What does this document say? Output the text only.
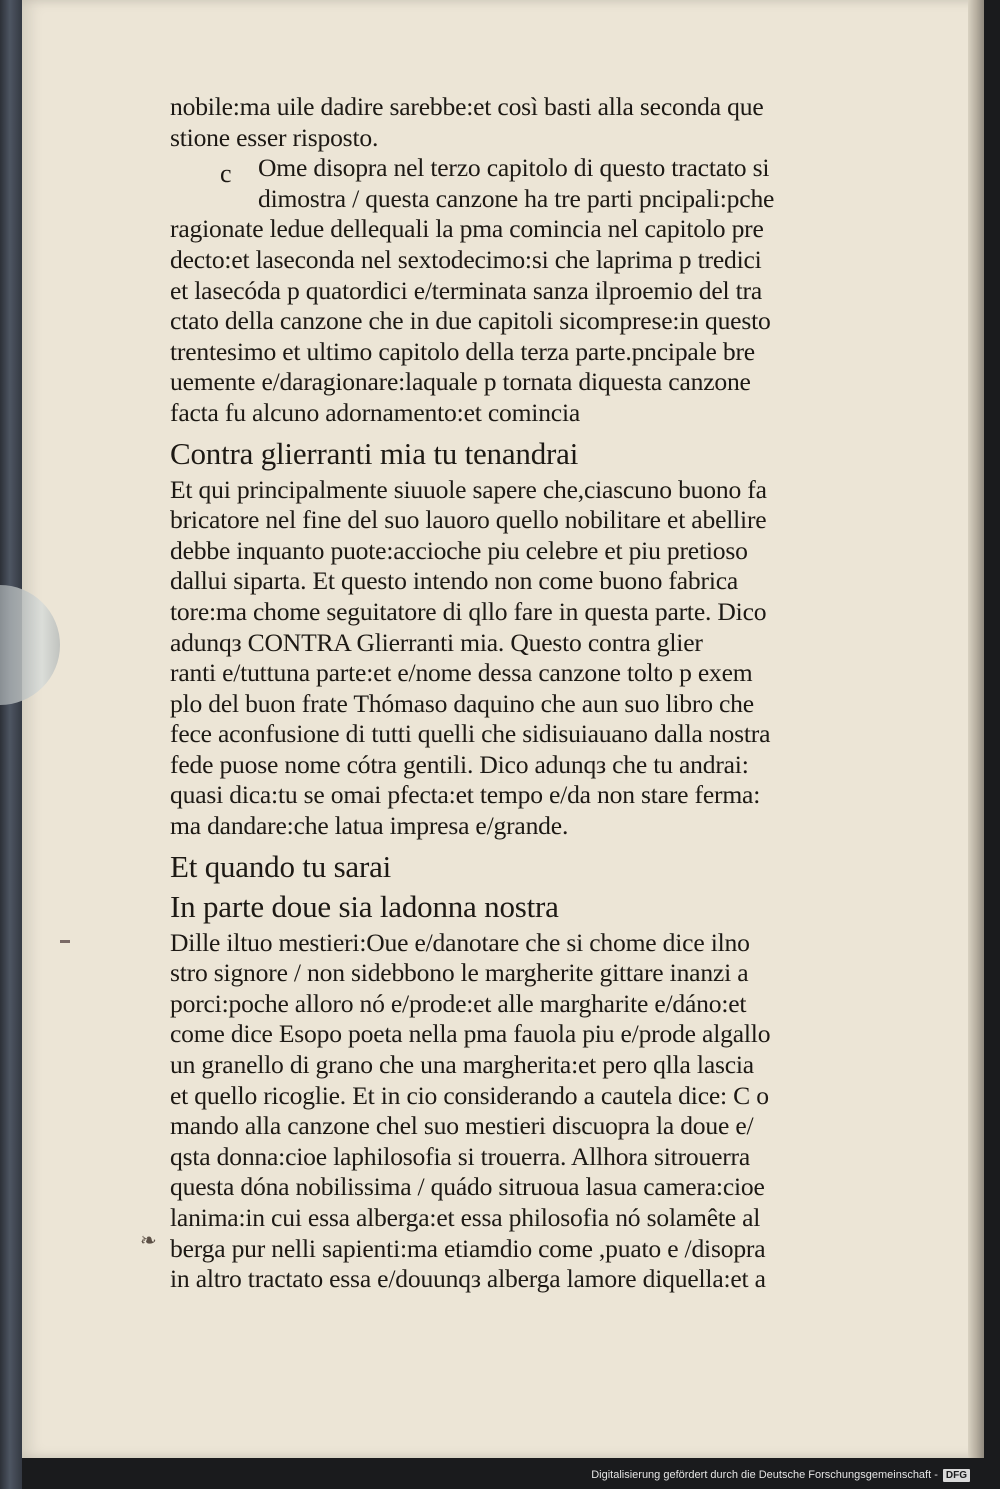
❧
nobile:ma uile dadire sarebbe:et così basti alla seconda que
stione esser risposto.
Ome disopra nel terzo capitolo di questo tractato si
dimostra / questa canzone ha tre parti pncipali:pche
ragionate ledue dellequali la pma comincia nel capitolo pre
decto:et laseconda nel sextodecimo:si che laprima p tredici
et lasecóda p quatordici e/terminata sanza ilproemio del tra
ctato della canzone che in due capitoli sicomprese:in questo
trentesimo et ultimo capitolo della terza parte.pncipale bre
uemente e/daragionare:laquale p tornata diquesta canzone
facta fu alcuno adornamento:et comincia
Contra glierranti mia tu tenandrai
Et qui principalmente siuuole sapere che,ciascuno buono fa
bricatore nel fine del suo lauoro quello nobilitare et abellire
debbe inquanto puote:accioche piu celebre et piu pretioso
dallui siparta. Et questo intendo non come buono fabrica
tore:ma chome seguitatore di qllo fare in questa parte. Dico
adunqз CONTRA Glierranti mia. Questo contra glier
ranti e/tuttuna parte:et e/nome dessa canzone tolto p exem
plo del buon frate Thómaso daquino che aun suo libro che
fece aconfusione di tutti quelli che sidisuiauano dalla nostra
fede puose nome cótra gentili. Dico adunqз che tu andrai:
quasi dica:tu se omai pfecta:et tempo e/da non stare ferma:
ma dandare:che latua impresa e/grande.
Et quando tu sarai
In parte doue sia ladonna nostra
Dille iltuo mestieri:Oue e/danotare che si chome dice ilno
stro signore / non sidebbono le margherite gittare inanzi a
porci:poche alloro nó e/prode:et alle margharite e/dáno:et
come dice Esopo poeta nella pma fauola piu e/prode algallo
un granello di grano che una margherita:et pero qlla lascia
et quello ricoglie. Et in cio considerando a cautela dice: C o
mando alla canzone chel suo mestieri discuopra la doue e/
qsta donna:cioe laphilosofia si trouerra. Allhora sitrouerra
questa dóna nobilissima / quádo sitruoua lasua camera:cioe
lanima:in cui essa alberga:et essa philosofia nó solamête al
berga pur nelli sapienti:ma etiamdio come ,puato e /disopra
in altro tractato essa e/douunqз alberga lamore diquella:et a
c
Digitalisierung gefördert durch die Deutsche Forschungsgemeinschaft - DFG
